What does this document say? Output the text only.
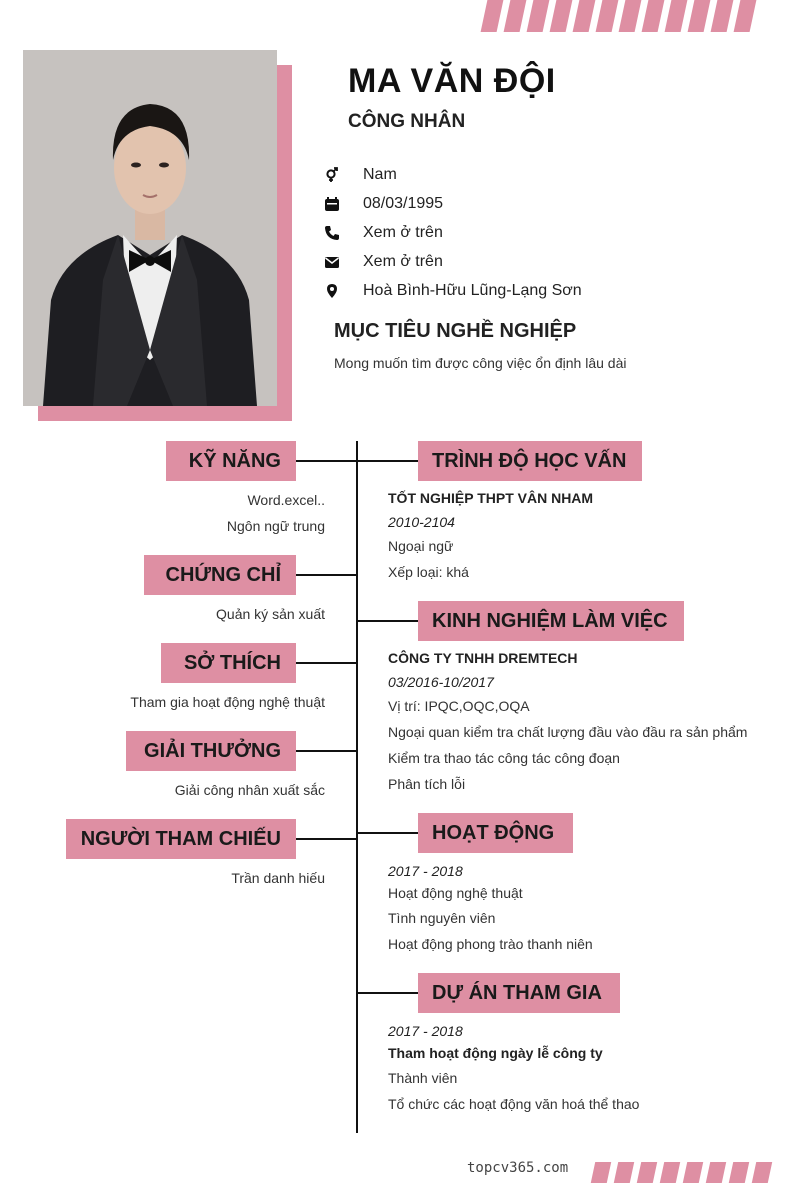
MA VĂN ĐỘI
CÔNG NHÂN
Nam
08/03/1995
Xem ở trên
Xem ở trên
Hoà Bình-Hữu Lũng-Lạng Sơn
MỤC TIÊU NGHỀ NGHIỆP
Mong muốn tìm được công việc ổn định lâu dài
KỸ NĂNG
Word.excel..
Ngôn ngữ trung
CHỨNG CHỈ
Quản ký sản xuất
SỞ THÍCH
Tham gia hoạt động nghệ thuật
GIẢI THƯỞNG
Giải công nhân xuất sắc
NGƯỜI THAM CHIẾU
Trần danh hiếu
TRÌNH ĐỘ HỌC VẤN
TỐT NGHIỆP THPT VÂN NHAM
2010-2104
Ngoại ngữ
Xếp loại: khá
KINH NGHIỆM LÀM VIỆC
CÔNG TY TNHH DREMTECH
03/2016-10/2017
Vị trí: IPQC,OQC,OQA
Ngoại quan kiểm tra chất lượng đầu vào đầu ra sản phẩm
Kiểm tra thao tác công tác công đoạn
Phân tích lỗi
HOẠT ĐỘNG
2017 - 2018
Hoạt động nghệ thuật
Tình nguyên viên
Hoạt động phong trào thanh niên
DỰ ÁN THAM GIA
2017 - 2018
Tham hoạt động ngày lễ công ty
Thành viên
Tổ chức các hoạt động văn hoá thể thao
topcv365.com
